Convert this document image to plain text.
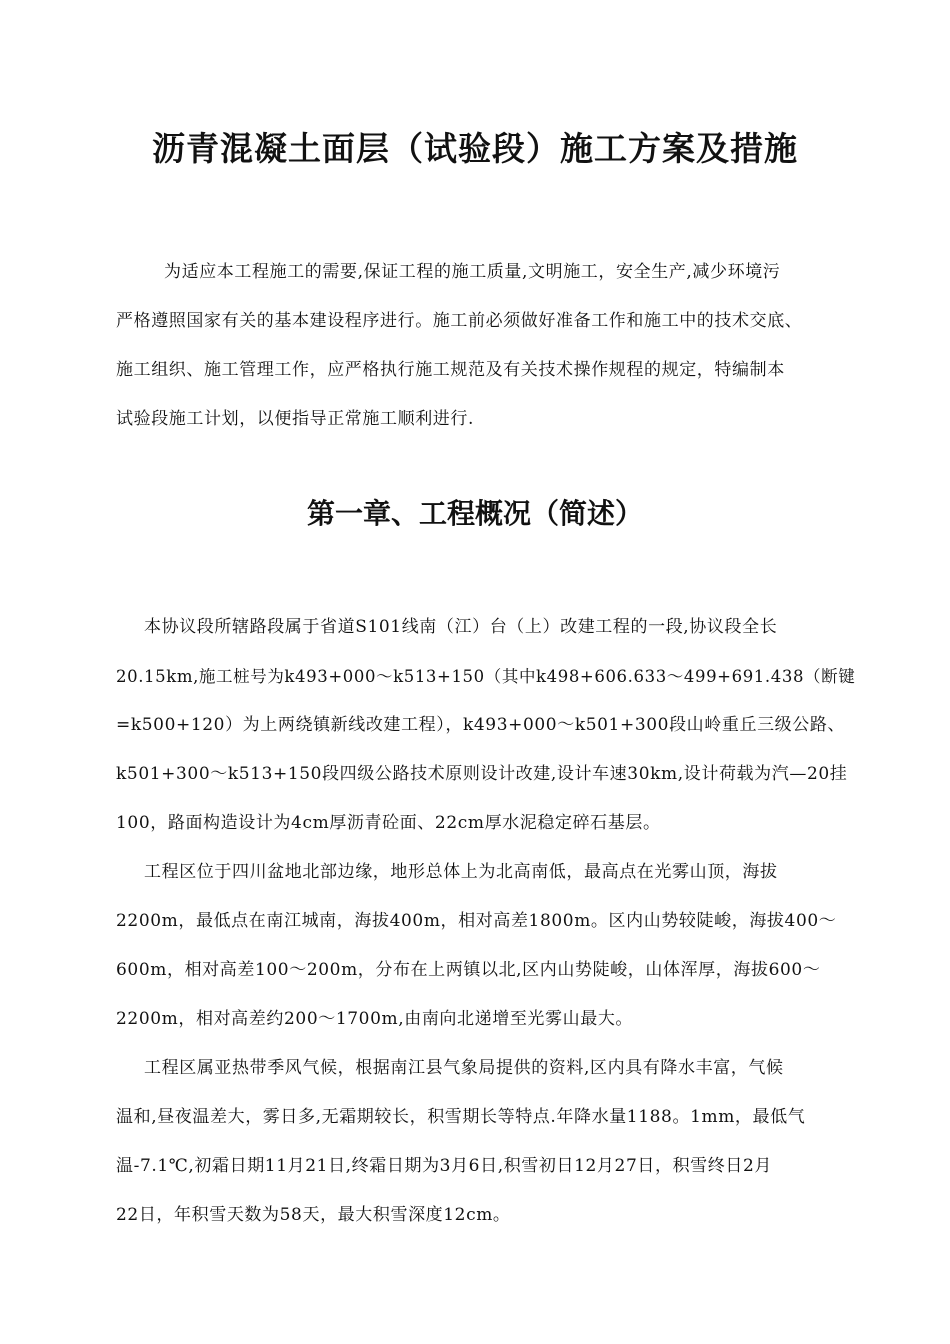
沥青混凝土面层（试验段）施工方案及措施
为适应本工程施工的需要,保证工程的施工质量,文明施工，安全生产,减少环境污
严格遵照国家有关的基本建设程序进行。施工前必须做好准备工作和施工中的技术交底、
施工组织、施工管理工作，应严格执行施工规范及有关技术操作规程的规定，特编制本
试验段施工计划，以便指导正常施工顺利进行.
第一章、工程概况（简述）
本协议段所辖路段属于省道S101线南（江）台（上）改建工程的一段,协议段全长
20.15km,施工桩号为k493+000～k513+150（其中k498+606.633～499+691.438（断键
=k500+120）为上两绕镇新线改建工程），k493+000～k501+300段山岭重丘三级公路、
k501+300～k513+150段四级公路技术原则设计改建,设计车速30km,设计荷载为汽—20挂
100，路面构造设计为4cm厚沥青砼面、22cm厚水泥稳定碎石基层。
工程区位于四川盆地北部边缘，地形总体上为北高南低，最高点在光雾山顶，海拔
2200m，最低点在南江城南，海拔400m，相对高差1800m。区内山势较陡峻，海拔400～
600m，相对高差100～200m，分布在上两镇以北,区内山势陡峻，山体浑厚，海拔600～
2200m，相对高差约200～1700m,由南向北递增至光雾山最大。
工程区属亚热带季风气候，根据南江县气象局提供的资料,区内具有降水丰富，气候
温和,昼夜温差大，雾日多,无霜期较长，积雪期长等特点.年降水量1188。1mm，最低气
温-7.1℃,初霜日期11月21日,终霜日期为3月6日,积雪初日12月27日，积雪终日2月
22日，年积雪天数为58天，最大积雪深度12cm。
